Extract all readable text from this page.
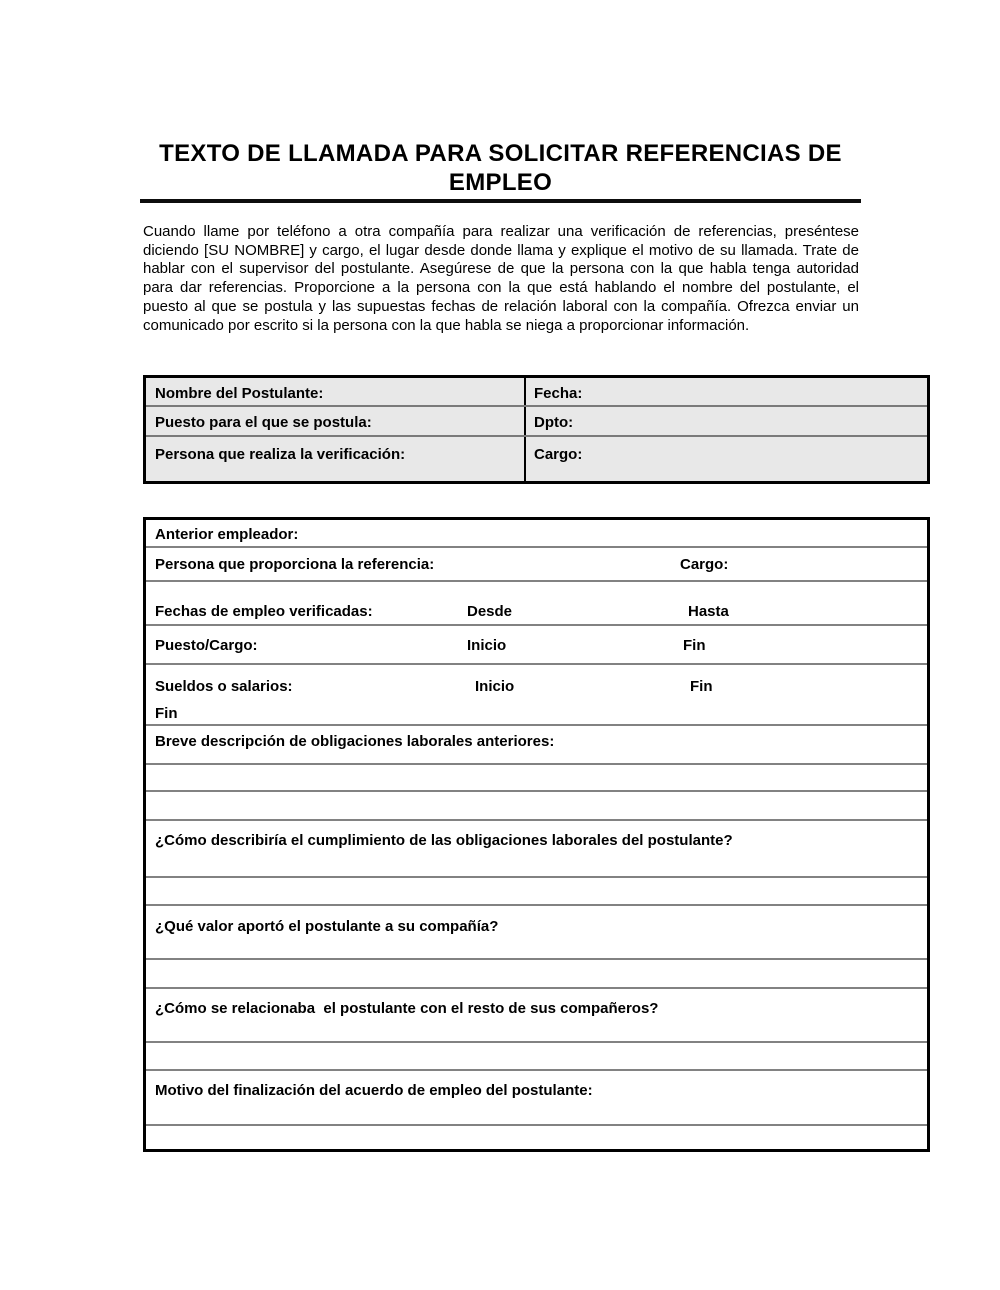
TEXTO DE LLAMADA PARA SOLICITAR REFERENCIAS DE EMPLEO
Cuando llame por teléfono a otra compañía para realizar una verificación de referencias, preséntese diciendo [SU NOMBRE] y cargo, el lugar desde donde llama y explique el motivo de su llamada. Trate de hablar con el supervisor del postulante. Asegúrese de que la persona con la que habla tenga autoridad para dar referencias. Proporcione a la persona con la que está hablando el nombre del postulante, el puesto al que se postula y las supuestas fechas de relación laboral con la compañía. Ofrezca enviar un comunicado por escrito si la persona con la que habla se niega a proporcionar información.
Nombre del Postulante:	Fecha:
Puesto para el que se postula:	Dpto:
Persona que realiza la verificación:	Cargo:
Anterior empleador:
Persona que proporciona la referencia:	Cargo:
Fechas de empleo verificadas:	Desde	Hasta
Puesto/Cargo:	Inicio	Fin
Sueldos o salarios:	Inicio	Fin
Fin
Breve descripción de obligaciones laborales anteriores:
¿Cómo describiría el cumplimiento de las obligaciones laborales del postulante?
¿Qué valor aportó el postulante a su compañía?
¿Cómo se relacionaba  el postulante con el resto de sus compañeros?
Motivo del finalización del acuerdo de empleo del postulante:
